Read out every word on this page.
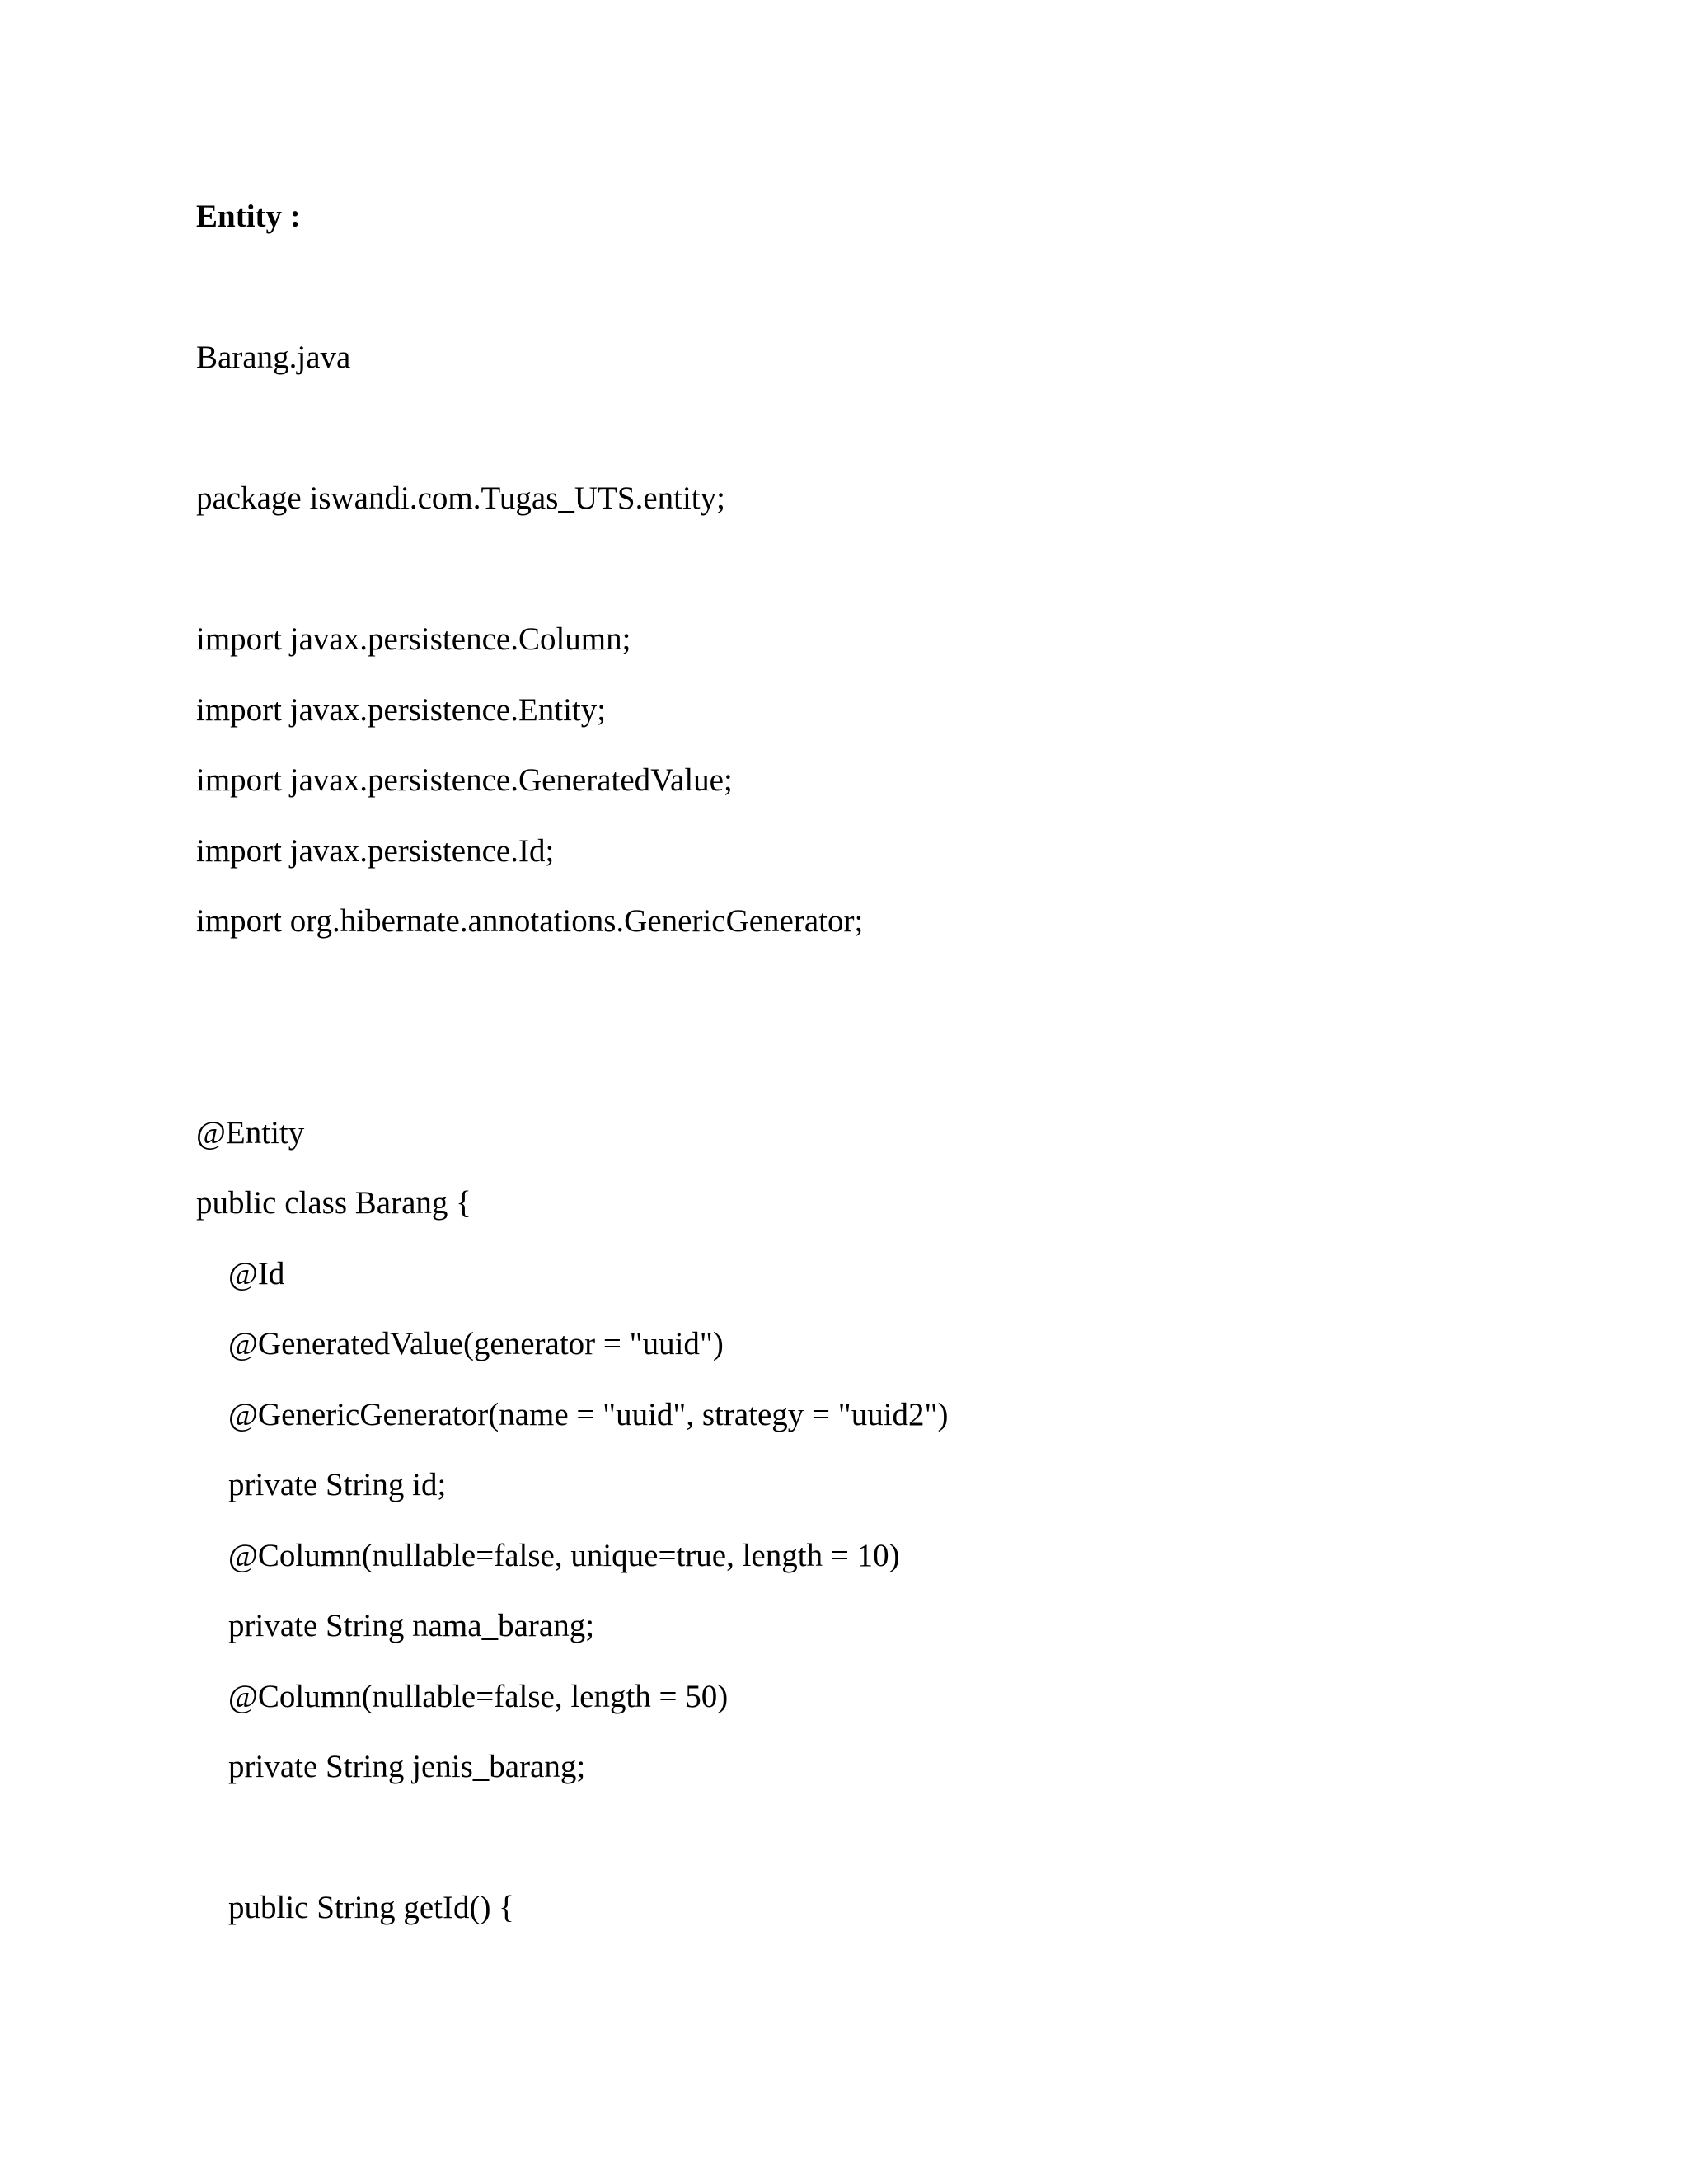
Entity :
Barang.java
package iswandi.com.Tugas_UTS.entity;
import javax.persistence.Column;
import javax.persistence.Entity;
import javax.persistence.GeneratedValue;
import javax.persistence.Id;
import org.hibernate.annotations.GenericGenerator;
@Entity
public class Barang {
@Id
@GeneratedValue(generator = "uuid")
@GenericGenerator(name = "uuid", strategy = "uuid2")
private String id;
@Column(nullable=false, unique=true, length = 10)
private String nama_barang;
@Column(nullable=false, length = 50)
private String jenis_barang;
public String getId() {
